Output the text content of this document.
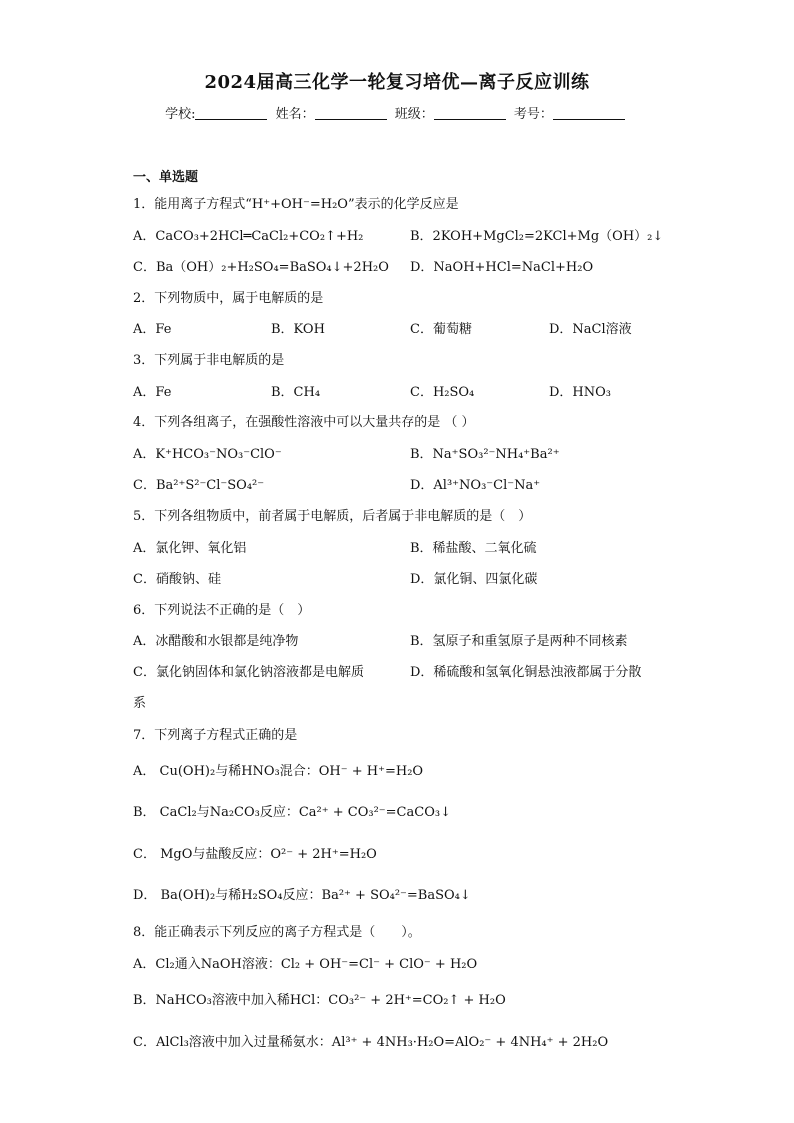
2024届高三化学一轮复习培优—离子反应训练
学校:	姓名：	班级：	考号：
一、单选题
1．能用离子方程式“H⁺+OH⁻=H₂O”表示的化学反应是
A．CaCO₃+2HCl═CaCl₂+CO₂↑+H₂	B．2KOH+MgCl₂=2KCl+Mg（OH）₂↓
C．Ba（OH）₂+H₂SO₄=BaSO₄↓+2H₂O D．NaOH+HCl=NaCl+H₂O
2．下列物质中，属于电解质的是
A．Fe	B．KOH	C．葡萄糖	D．NaCl溶液
3．下列属于非电解质的是
A．Fe	B．CH₄	C．H₂SO₄	D．HNO₃
4．下列各组离子，在强酸性溶液中可以大量共存的是 （ ）
A．K⁺HCO₃⁻NO₃⁻ClO⁻	B．Na⁺SO₃²⁻NH₄⁺Ba²⁺
C．Ba²⁺S²⁻Cl⁻SO₄²⁻	D．Al³⁺NO₃⁻Cl⁻Na⁺
5．下列各组物质中，前者属于电解质，后者属于非电解质的是（　）
A．氯化钾、氧化铝	B．稀盐酸、二氧化硫
C．硝酸钠、硅	D．氯化铜、四氯化碳
6．下列说法不正确的是（　）
A．冰醋酸和水银都是纯净物	B．氢原子和重氢原子是两种不同核素
C．氯化钠固体和氯化钠溶液都是电解质	D．稀硫酸和氢氧化铜悬浊液都属于分散
系
7．下列离子方程式正确的是
A． Cu(OH)₂与稀HNO₃混合：OH⁻ + H⁺=H₂O
B． CaCl₂与Na₂CO₃反应：Ca²⁺ + CO₃²⁻=CaCO₃↓
C． MgO与盐酸反应：O²⁻ + 2H⁺=H₂O
D． Ba(OH)₂与稀H₂SO₄反应：Ba²⁺ + SO₄²⁻=BaSO₄↓
8．能正确表示下列反应的离子方程式是（　　）。
A．Cl₂通入NaOH溶液：Cl₂ + OH⁻=Cl⁻ + ClO⁻ + H₂O
B．NaHCO₃溶液中加入稀HCl：CO₃²⁻ + 2H⁺=CO₂↑ + H₂O
C．AlCl₃溶液中加入过量稀氨水：Al³⁺ + 4NH₃·H₂O=AlO₂⁻ + 4NH₄⁺ + 2H₂O
